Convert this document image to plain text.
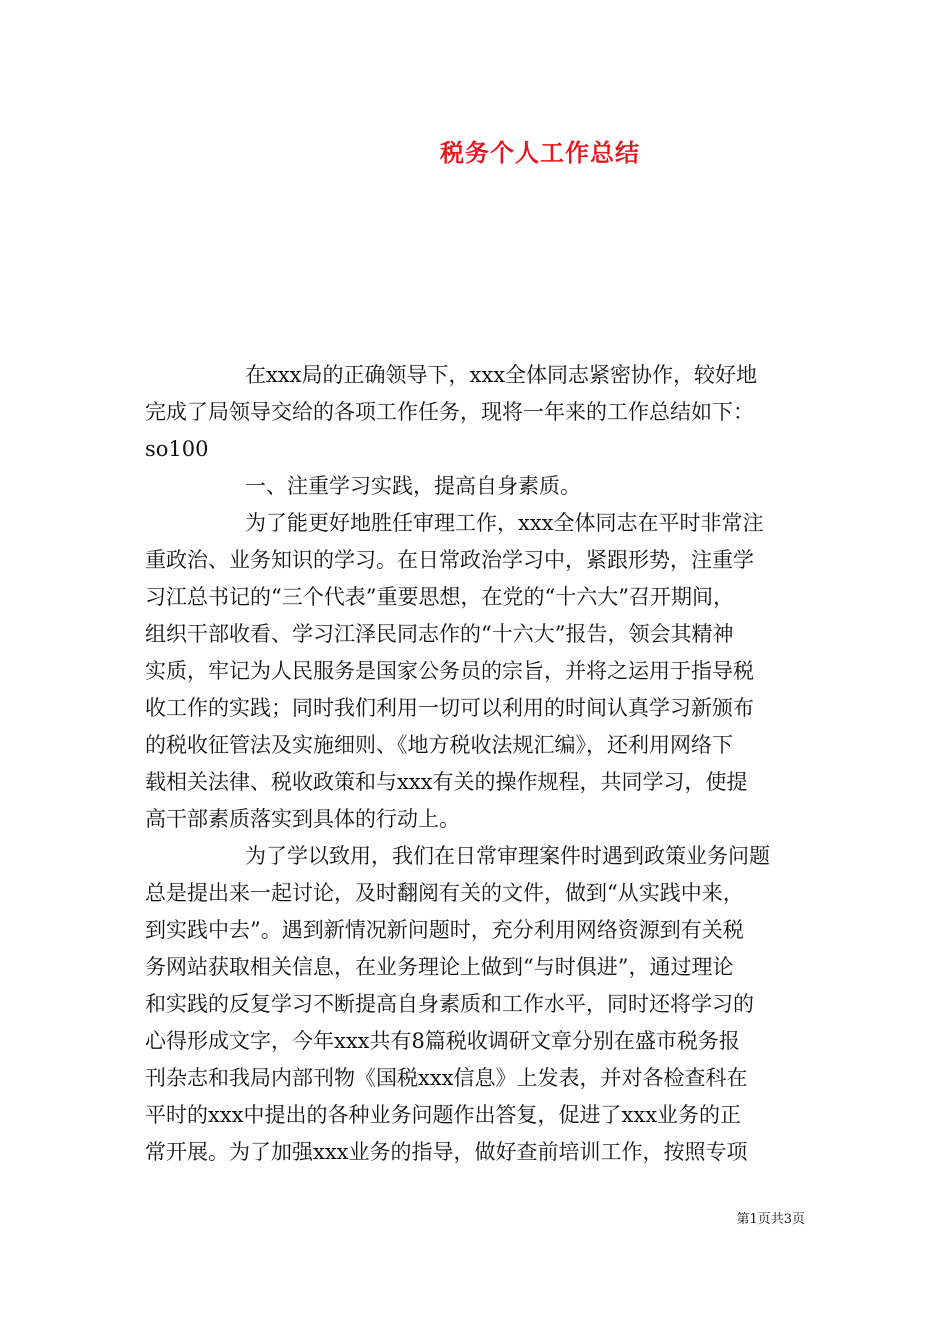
税务个人工作总结
在xxx局的正确领导下，xxx全体同志紧密协作，较好地
完成了局领导交给的各项工作任务，现将一年来的工作总结如下：
so100
一、注重学习实践，提高自身素质。
为了能更好地胜任审理工作，xxx全体同志在平时非常注
重政治、业务知识的学习。在日常政治学习中，紧跟形势，注重学
习江总书记的“三个代表”重要思想，在党的“十六大”召开期间，
组织干部收看、学习江泽民同志作的“十六大”报告，领会其精神
实质，牢记为人民服务是国家公务员的宗旨，并将之运用于指导税
收工作的实践；同时我们利用一切可以利用的时间认真学习新颁布
的税收征管法及实施细则、《地方税收法规汇编》，还利用网络下
载相关法律、税收政策和与xxx有关的操作规程，共同学习，使提
高干部素质落实到具体的行动上。
为了学以致用，我们在日常审理案件时遇到政策业务问题
总是提出来一起讨论，及时翻阅有关的文件，做到“从实践中来，
到实践中去”。遇到新情况新问题时，充分利用网络资源到有关税
务网站获取相关信息，在业务理论上做到“与时俱进”，通过理论
和实践的反复学习不断提高自身素质和工作水平，同时还将学习的
心得形成文字，今年xxx共有8篇税收调研文章分别在盛市税务报
刊杂志和我局内部刊物《国税xxx信息》上发表，并对各检查科在
平时的xxx中提出的各种业务问题作出答复，促进了xxx业务的正
常开展。为了加强xxx业务的指导，做好查前培训工作，按照专项
第1页共3页
